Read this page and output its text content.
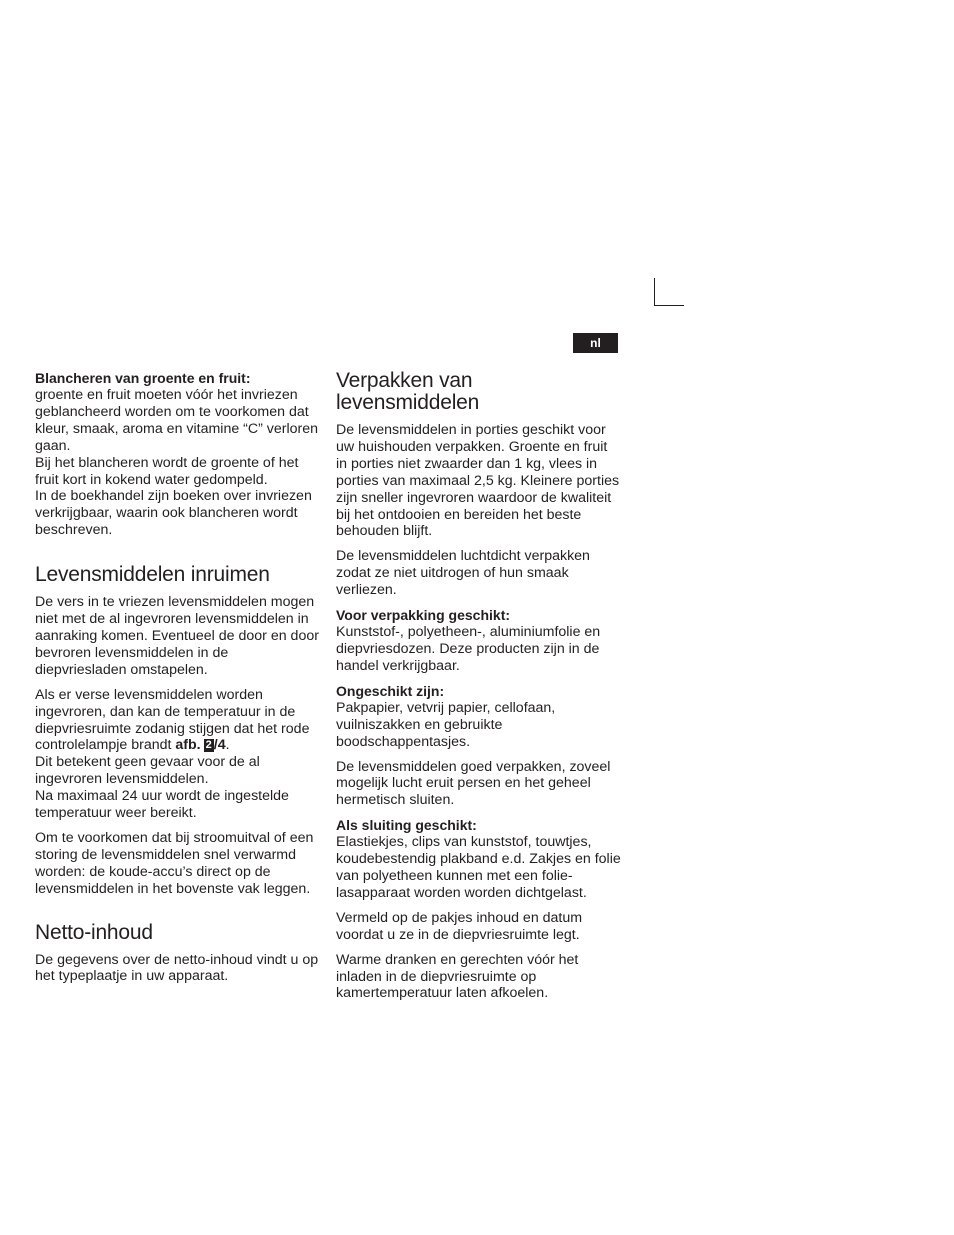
nl

Blancheren van groente en fruit:

groente en fruit moeten vóór het invriezen geblancheerd worden om te voorkomen dat kleur, smaak, aroma en vitamine “C” verloren gaan.

Bij het blancheren wordt de groente of het fruit kort in kokend water gedompeld.

In de boekhandel zijn boeken over invriezen verkrijgbaar, waarin ook blancheren wordt beschreven.

Levensmiddelen inruimen

De vers in te vriezen levensmiddelen mogen niet met de al ingevroren levensmiddelen in aanraking komen. Eventueel de door en door bevroren levensmiddelen in de diepvriesladen omstapelen.

Als er verse levensmiddelen worden ingevroren, dan kan de temperatuur in de diepvriesruimte zodanig stijgen dat het rode controlelampje brandt afb. 2 /4.

Dit betekent geen gevaar voor de al ingevroren levensmiddelen.

Na maximaal 24 uur wordt de ingestelde temperatuur weer bereikt.

Om te voorkomen dat bij stroomuitval of een storing de levensmiddelen snel verwarmd worden: de koude-accu’s direct op de levensmiddelen in het bovenste vak leggen.

Netto-inhoud

De gegevens over de netto-inhoud vindt u op het typeplaatje in uw apparaat.

Verpakken van levensmiddelen

De levensmiddelen in porties geschikt voor uw huishouden verpakken. Groente en fruit in porties niet zwaarder dan 1 kg, vlees in porties van maximaal 2,5 kg. Kleinere porties zijn sneller ingevroren waardoor de kwaliteit bij het ontdooien en bereiden het beste behouden blijft.

De levensmiddelen luchtdicht verpakken zodat ze niet uitdrogen of hun smaak verliezen.

Voor verpakking geschikt:

Kunststof-, polyetheen-, aluminiumfolie en diepvriesdozen. Deze producten zijn in de handel verkrijgbaar.

Ongeschikt zijn:

Pakpapier, vetvrij papier, cellofaan, vuilniszakken en gebruikte boodschappentasjes.

De levensmiddelen goed verpakken, zoveel mogelijk lucht eruit persen en het geheel hermetisch sluiten.

Als sluiting geschikt:

Elastiekjes, clips van kunststof, touwtjes, koudebestendig plakband e.d. Zakjes en folie van polyetheen kunnen met een folie-lasapparaat worden worden dichtgelast.

Vermeld op de pakjes inhoud en datum voordat u ze in de diepvriesruimte legt.

Warme dranken en gerechten vóór het inladen in de diepvriesruimte op kamertemperatuur laten afkoelen.
